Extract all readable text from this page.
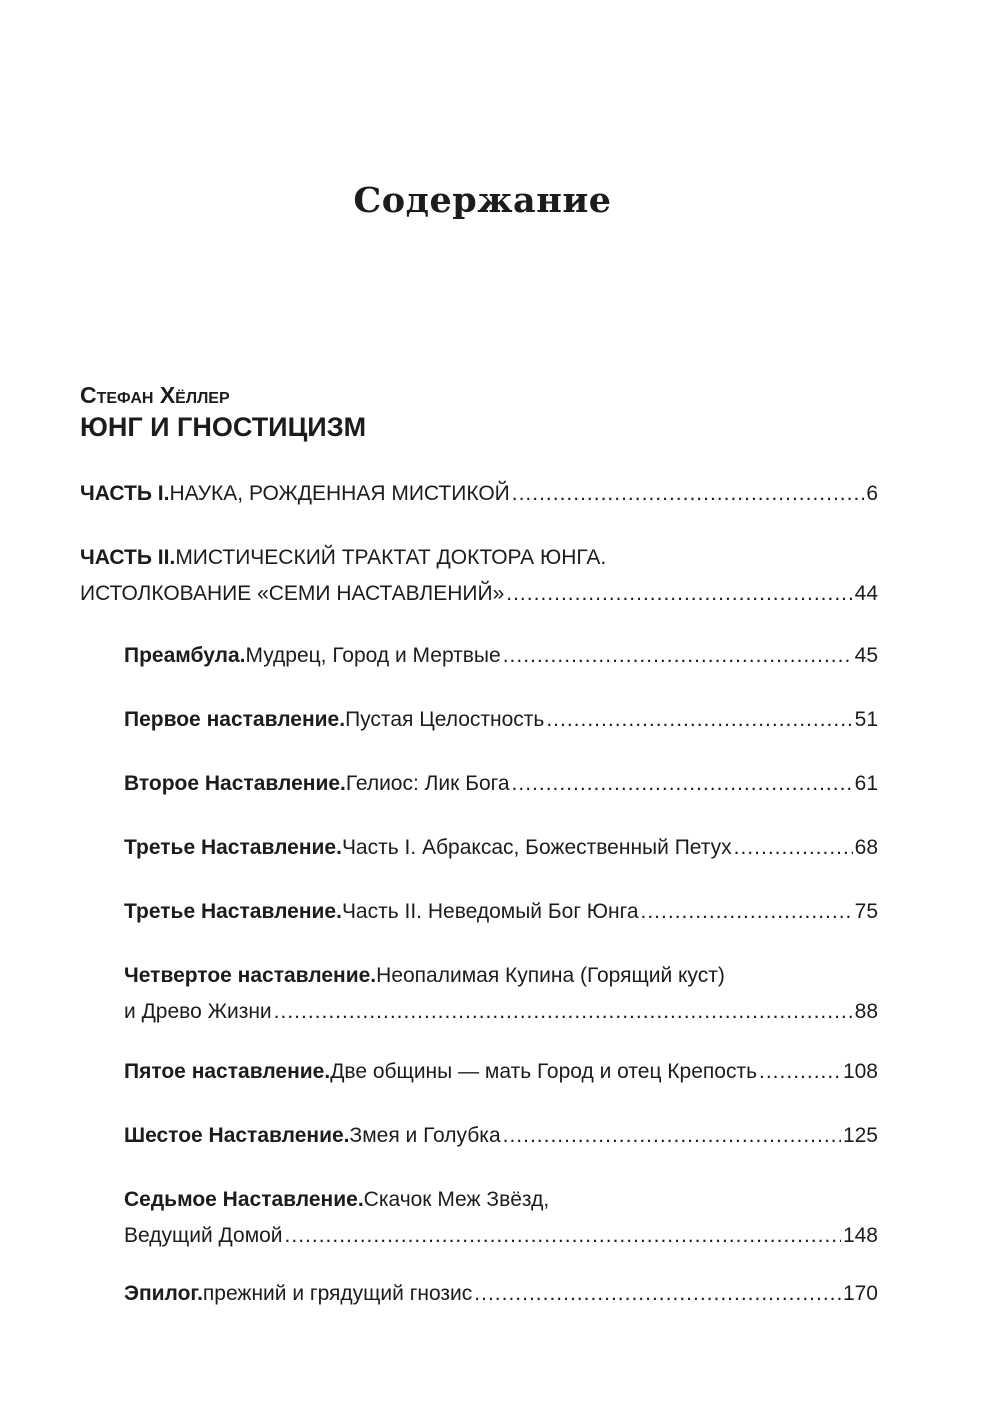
Содержание
Стефан Хёллер
ЮНГ И ГНОСТИЦИЗМ
ЧАСТЬ I. НАУКА, РОЖДЕННАЯ МИСТИКОЙ .....	6
ЧАСТЬ II. МИСТИЧЕСКИЙ ТРАКТАТ ДОКТОРА ЮНГА.
ИСТОЛКОВАНИЕ «СЕМИ НАСТАВЛЕНИЙ» .....	44
Преамбула. Мудрец, Город и Мертвые .....	45
Первое наставление. Пустая Целостность .....	51
Второе Наставление. Гелиос: Лик Бога .....	61
Третье Наставление. Часть I. Абраксас, Божественный Петух .....	68
Третье Наставление. Часть II. Неведомый Бог Юнга .....	75
Четвертое наставление. Неопалимая Купина (Горящий куст)
и Древо Жизни .....	88
Пятое наставление. Две общины — мать Город и отец Крепость .....	108
Шестое Наставление. Змея и Голубка .....	125
Седьмое Наставление. Скачок Меж Звёзд,
Ведущий Домой .....	148
Эпилог. прежний и грядущий гнозис .....	170
